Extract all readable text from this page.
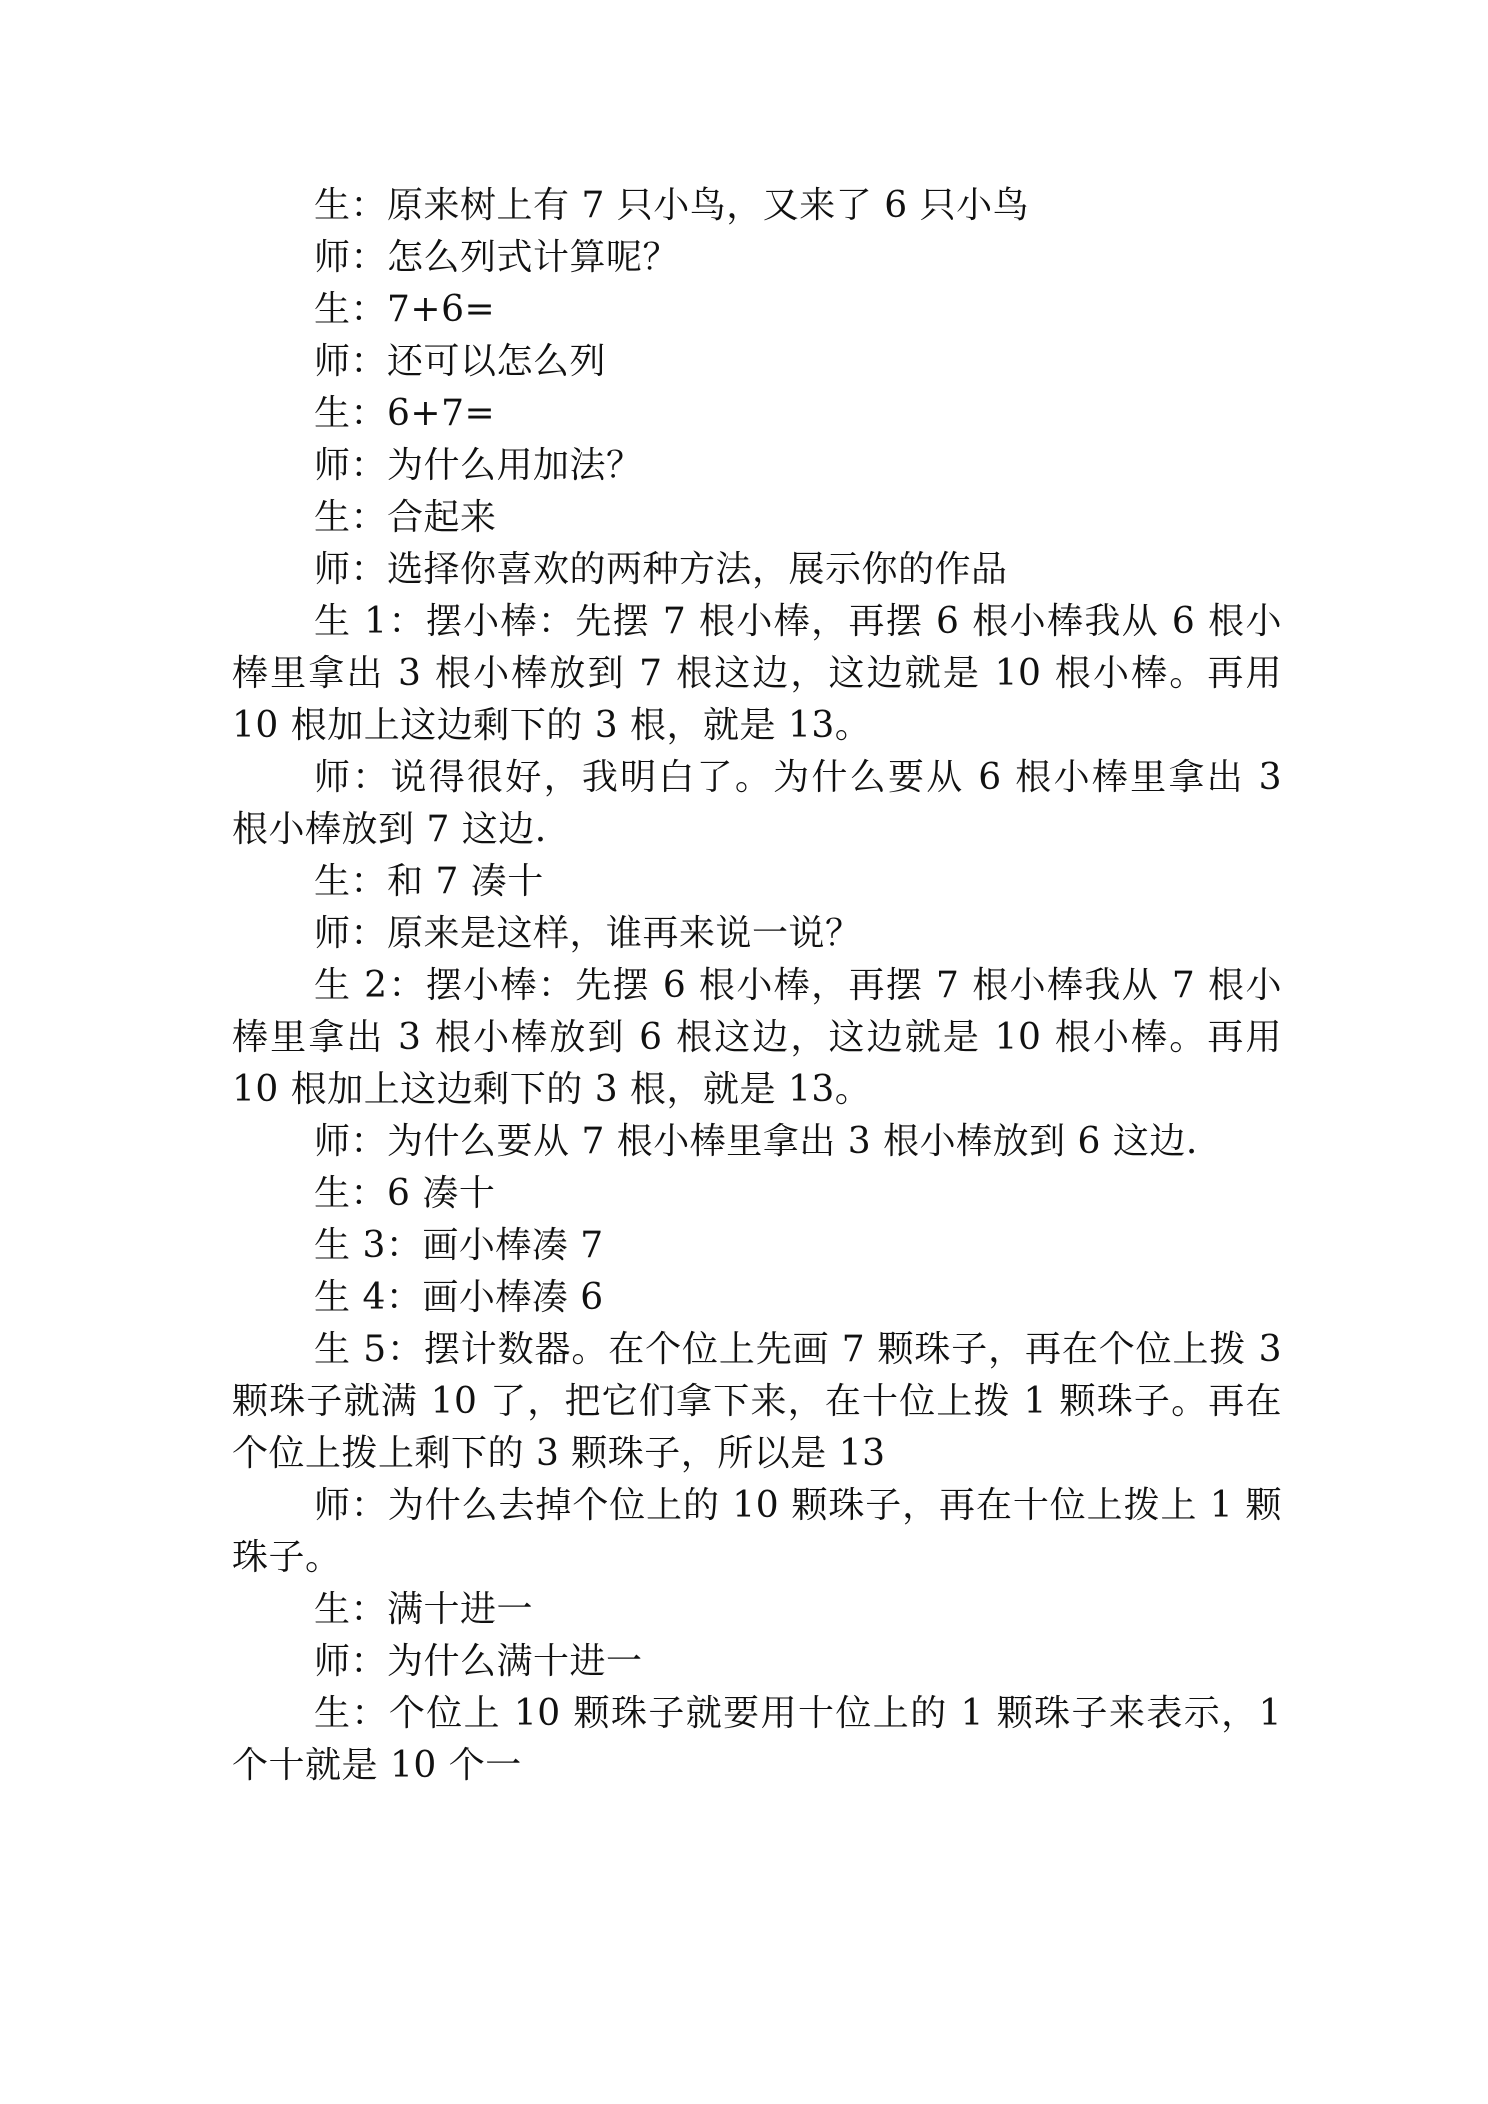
生：原来树上有 7 只小鸟，又来了 6 只小鸟

师：怎么列式计算呢？

生：7+6=

师：还可以怎么列

生：6+7=

师：为什么用加法？

生：合起来

师：选择你喜欢的两种方法，展示你的作品

生 1：摆小棒：先摆 7 根小棒，再摆 6 根小棒我从 6 根小棒里拿出 3 根小棒放到 7 根这边，这边就是 10 根小棒。再用 10 根加上这边剩下的 3 根，就是 13。

师：说得很好，我明白了。为什么要从 6 根小棒里拿出 3 根小棒放到 7 这边.

生：和 7 凑十

师：原来是这样，谁再来说一说？

生 2：摆小棒：先摆 6 根小棒，再摆 7 根小棒我从 7 根小棒里拿出 3 根小棒放到 6 根这边，这边就是 10 根小棒。再用 10 根加上这边剩下的 3 根，就是 13。

师：为什么要从 7 根小棒里拿出 3 根小棒放到 6 这边.

生：6 凑十

生 3：画小棒凑 7

生 4：画小棒凑 6

生 5：摆计数器。在个位上先画 7 颗珠子，再在个位上拨 3 颗珠子就满 10 了，把它们拿下来，在十位上拨 1 颗珠子。再在个位上拨上剩下的 3 颗珠子，所以是 13

师：为什么去掉个位上的 10 颗珠子，再在十位上拨上 1 颗珠子。

生：满十进一

师：为什么满十进一

生：个位上 10 颗珠子就要用十位上的 1 颗珠子来表示，1 个十就是 10 个一
